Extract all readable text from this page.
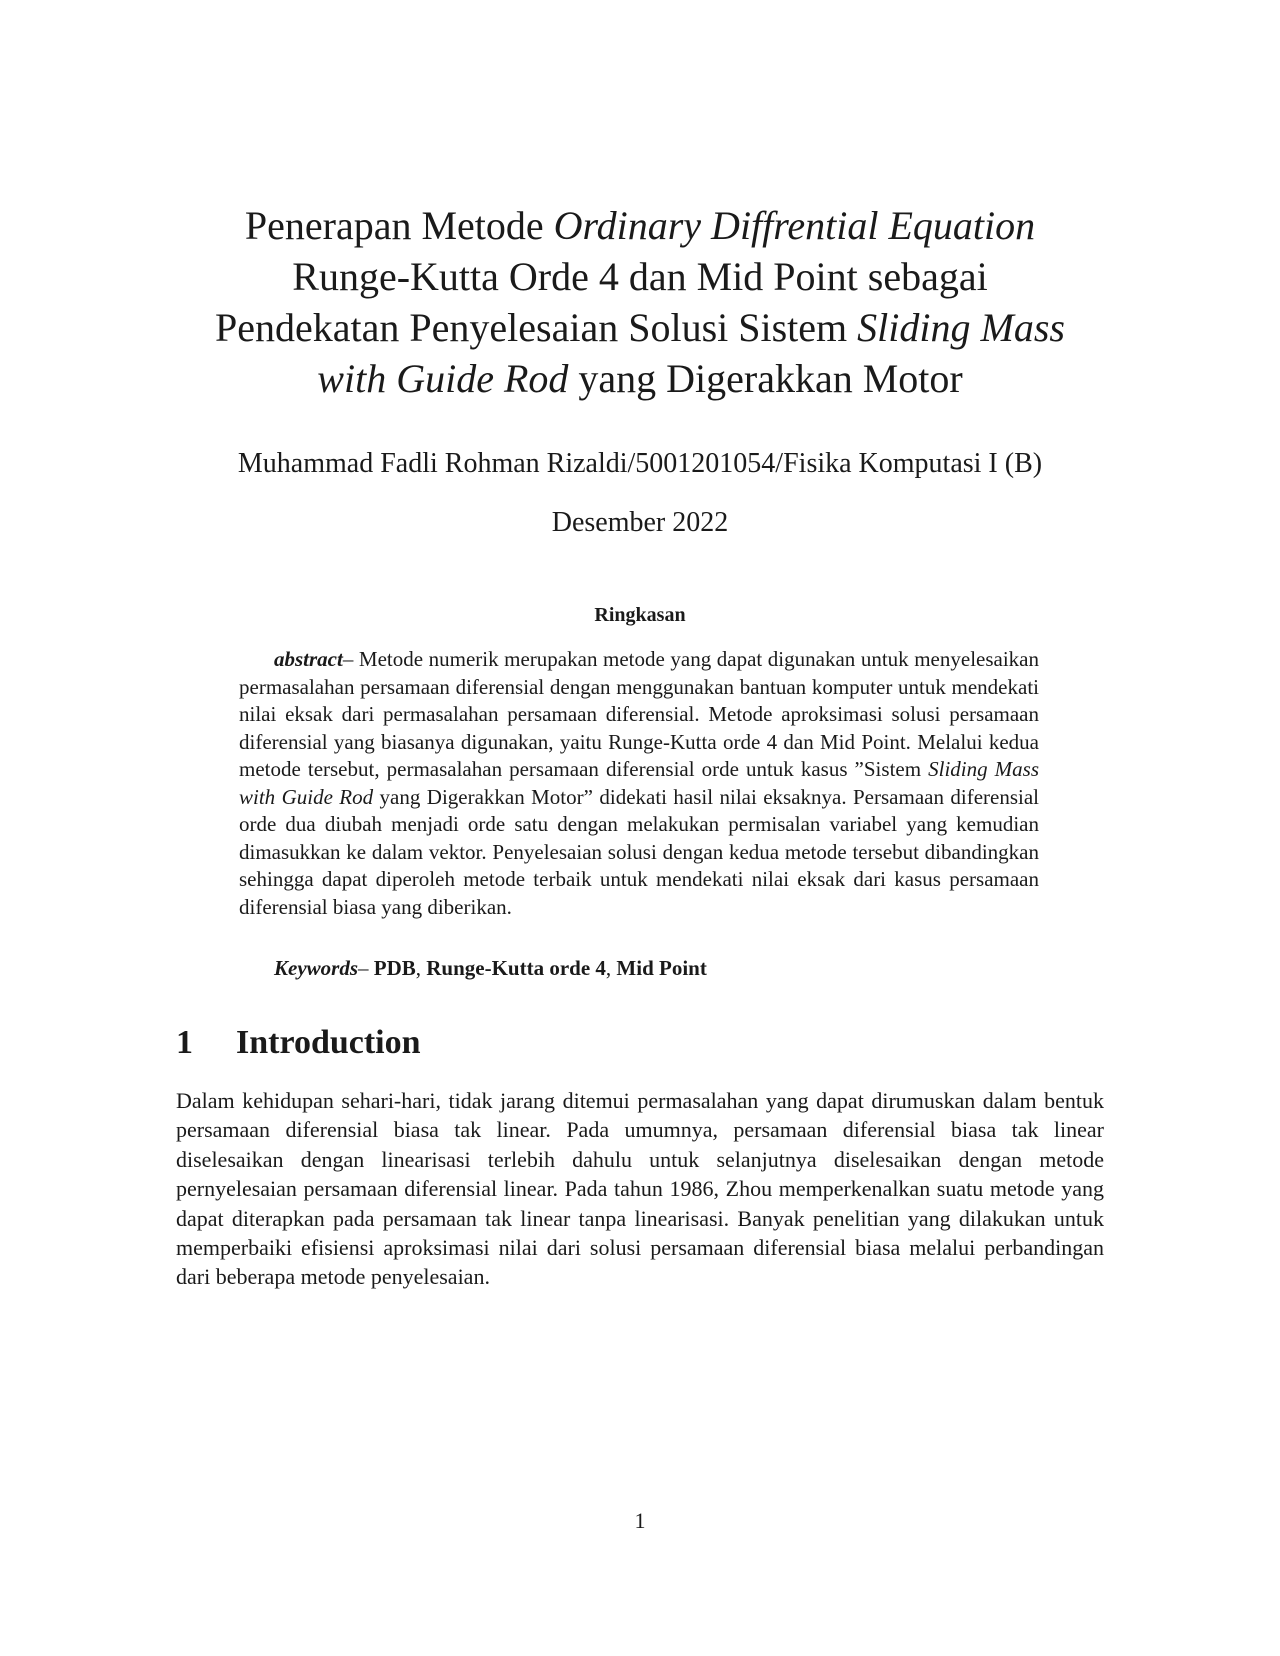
Penerapan Metode Ordinary Diffrential Equation
Runge-Kutta Orde 4 dan Mid Point sebagai
Pendekatan Penyelesaian Solusi Sistem Sliding Mass
with Guide Rod yang Digerakkan Motor
Muhammad Fadli Rohman Rizaldi/5001201054/Fisika Komputasi I (B)
Desember 2022
Ringkasan

abstract– Metode numerik merupakan metode yang dapat digunakan untuk menyelesaikan permasalahan persamaan diferensial dengan menggunakan bantuan komputer untuk mendekati nilai eksak dari permasalahan persamaan diferensial. Metode aproksimasi solusi persamaan diferensial yang biasanya digunakan, yaitu Runge-Kutta orde 4 dan Mid Point. Melalui kedua metode tersebut, permasalahan persamaan diferensial orde untuk kasus ”Sistem Sliding Mass with Guide Rod yang Digerakkan Motor” didekati hasil nilai eksaknya. Persamaan diferensial orde dua diubah menjadi orde satu dengan melakukan permisalan variabel yang kemudian dimasukkan ke dalam vektor. Penyelesaian solusi dengan kedua metode tersebut dibandingkan sehingga dapat diperoleh metode terbaik untuk mendekati nilai eksak dari kasus persamaan diferensial biasa yang diberikan.

Keywords– PDB, Runge-Kutta orde 4, Mid Point

1 Introduction

Dalam kehidupan sehari-hari, tidak jarang ditemui permasalahan yang dapat dirumuskan dalam bentuk persamaan diferensial biasa tak linear. Pada umumnya, persamaan diferensial biasa tak linear diselesaikan dengan linearisasi terlebih dahulu untuk selanjutnya diselesaikan dengan metode pernyelesaian persamaan diferensial linear. Pada tahun 1986, Zhou memperkenalkan suatu metode yang dapat diterapkan pada persamaan tak linear tanpa linearisasi. Banyak penelitian yang dilakukan untuk memperbaiki efisiensi aproksimasi nilai dari solusi persamaan diferensial biasa melalui perbandingan dari beberapa metode penyelesaian.

1
